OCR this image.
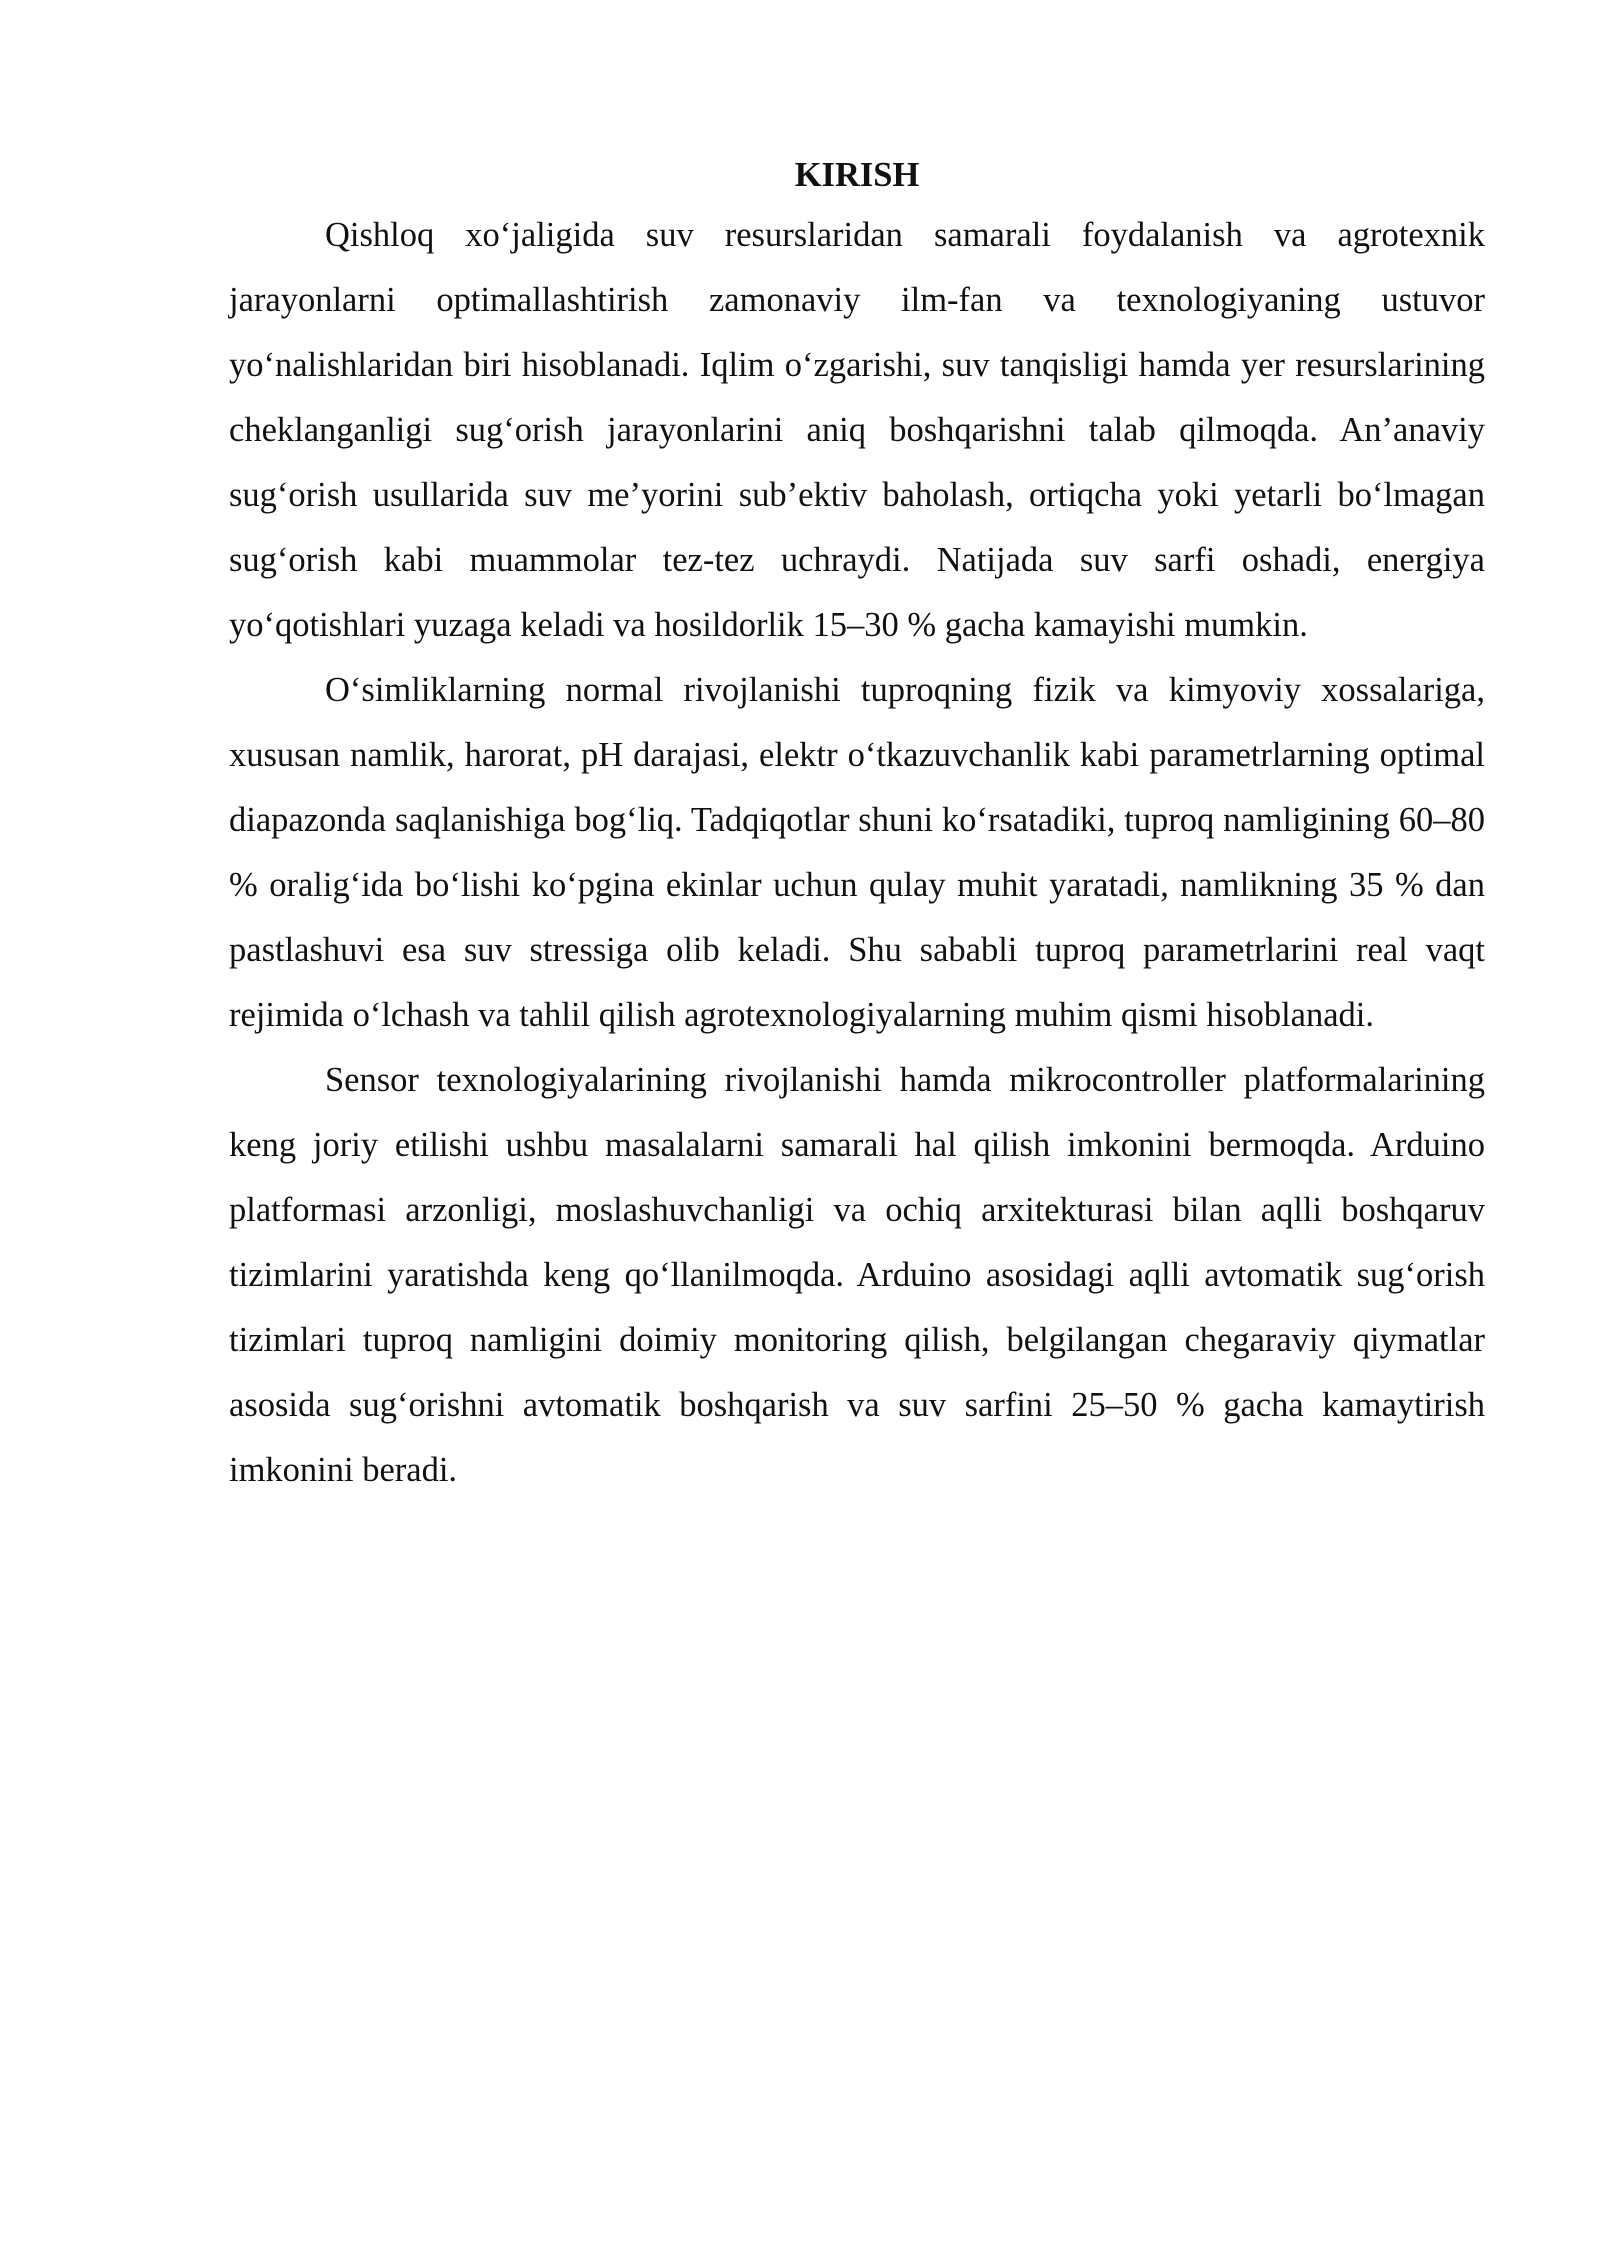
KIRISH

Qishloq xo‘jaligida suv resurslaridan samarali foydalanish va agrotexnik jarayonlarni optimallashtirish zamonaviy ilm-fan va texnologiyaning ustuvor yo‘nalishlaridan biri hisoblanadi. Iqlim o‘zgarishi, suv tanqisligi hamda yer resurslarining cheklanganligi sug‘orish jarayonlarini aniq boshqarishni talab qilmoqda. An’anaviy sug‘orish usullarida suv me’yorini sub’ektiv baholash, ortiqcha yoki yetarli bo‘lmagan sug‘orish kabi muammolar tez-tez uchraydi. Natijada suv sarfi oshadi, energiya yo‘qotishlari yuzaga keladi va hosildorlik 15–30 % gacha kamayishi mumkin.

O‘simliklarning normal rivojlanishi tuproqning fizik va kimyoviy xossalariga, xususan namlik, harorat, pH darajasi, elektr o‘tkazuvchanlik kabi parametrlarning optimal diapazonda saqlanishiga bog‘liq. Tadqiqotlar shuni ko‘rsatadiki, tuproq namligining 60–80 % oralig‘ida bo‘lishi ko‘pgina ekinlar uchun qulay muhit yaratadi, namlikning 35 % dan pastlashuvi esa suv stressiga olib keladi. Shu sababli tuproq parametrlarini real vaqt rejimida o‘lchash va tahlil qilish agrotexnologiyalarning muhim qismi hisoblanadi.

Sensor texnologiyalarining rivojlanishi hamda mikrocontroller platformalarining keng joriy etilishi ushbu masalalarni samarali hal qilish imkonini bermoqda. Arduino platformasi arzonligi, moslashuvchanligi va ochiq arxitekturasi bilan aqlli boshqaruv tizimlarini yaratishda keng qo‘llanilmoqda. Arduino asosidagi aqlli avtomatik sug‘orish tizimlari tuproq namligini doimiy monitoring qilish, belgilangan chegaraviy qiymatlar asosida sug‘orishni avtomatik boshqarish va suv sarfini 25–50 % gacha kamaytirish imkonini beradi.
